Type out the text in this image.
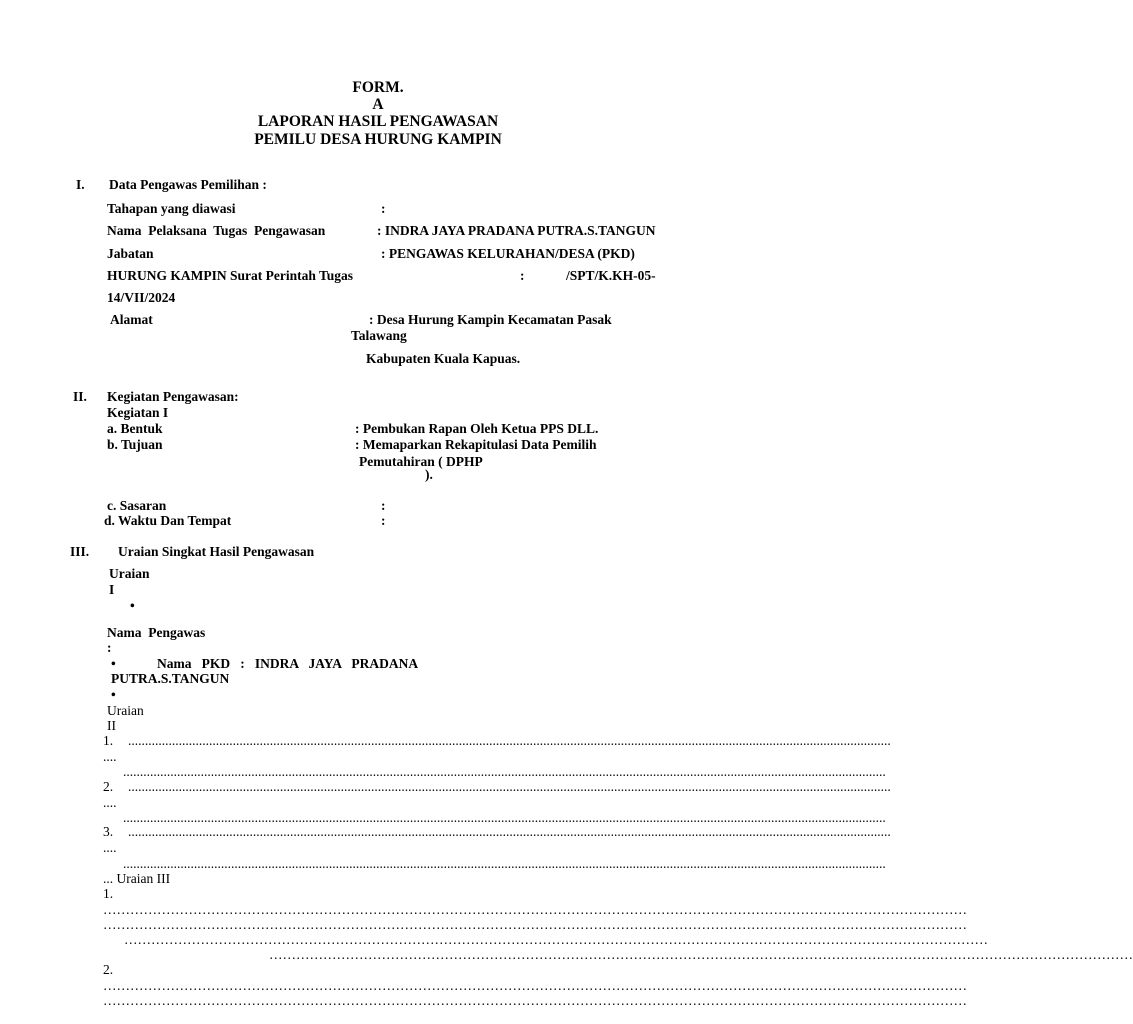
FORM.
A
LAPORAN HASIL PENGAWASAN
PEMILU DESA HURUNG KAMPIN
I. Data Pengawas Pemilihan :
Tahapan yang diawasi	:
Nama  Pelaksana  Tugas  Pengawasan	: INDRA JAYA PRADANA PUTRA.S.TANGUN
Jabatan	: PENGAWAS KELURAHAN/DESA (PKD)
HURUNG KAMPIN Surat Perintah Tugas	:	/SPT/K.KH-05-
14/VII/2024
Alamat	: Desa Hurung Kampin Kecamatan Pasak
Talawang
Kabupaten Kuala Kapuas.
II. Kegiatan Pengawasan:
Kegiatan I
a. Bentuk	: Pembukan Rapan Oleh Ketua PPS DLL.
b. Tujuan	: Memaparkan Rekapitulasi Data Pemilih
Pemutahiran ( DPHP
).
c. Sasaran	:
d. Waktu Dan Tempat	:
III. Uraian Singkat Hasil Pengawasan
Uraian
I
•
Nama  Pengawas
:
•	Nama   PKD   :   INDRA   JAYA   PRADANA
PUTRA.S.TANGUN
•
Uraian
II
1. ..................................................................................................................................................................................................................................
....
..................................................................................................................................................................................................................................
2. ..................................................................................................................................................................................................................................
....
..................................................................................................................................................................................................................................
3. ..................................................................................................................................................................................................................................
....
..................................................................................................................................................................................................................................
... Uraian III
1.
…………………………………………………………………………………………………………………………………………………………………………
…………………………………………………………………………………………………………………………………………………………………………
…………………………………………………………………………………………………………………………………………………………………………
…………………………………………………………………………………………………………………………………………………………………………
2.
…………………………………………………………………………………………………………………………………………………………………………
…………………………………………………………………………………………………………………………………………………………………………
